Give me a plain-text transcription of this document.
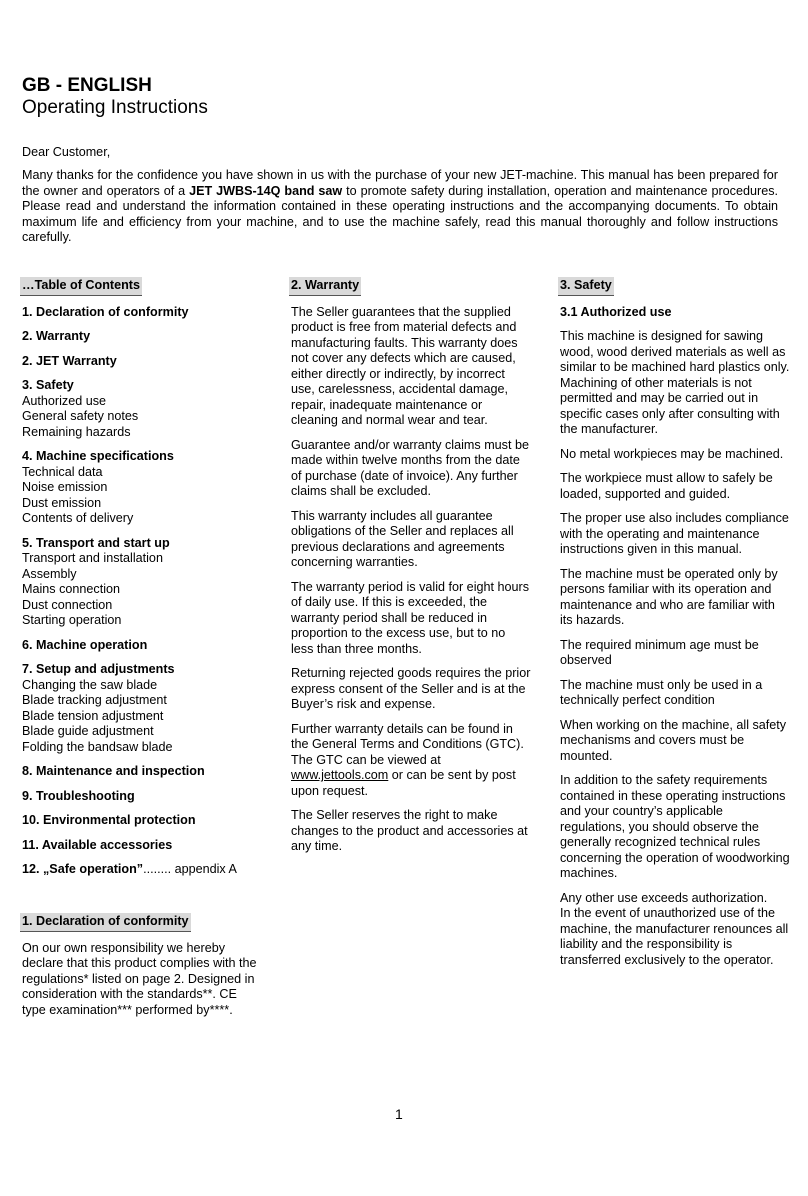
GB - ENGLISH
Operating Instructions

Dear Customer,

Many thanks for the confidence you have shown in us with the purchase of your new JET-machine. This manual has been prepared for the owner and operators of a JET JWBS-14Q band saw to promote safety during installation, operation and maintenance procedures. Please read and understand the information contained in these operating instructions and the accompanying documents. To obtain maximum life and efficiency from your machine, and to use the machine safely, read this manual thoroughly and follow instructions carefully.

…Table of Contents
1. Declaration of conformity
2. Warranty
2. JET Warranty
3. Safety
Authorized use
General safety notes
Remaining hazards
4. Machine specifications
Technical data
Noise emission
Dust emission
Contents of delivery
5. Transport and start up
Transport and installation
Assembly
Mains connection
Dust connection
Starting operation
6. Machine operation
7. Setup and adjustments
Changing the saw blade
Blade tracking adjustment
Blade tension adjustment
Blade guide adjustment
Folding the bandsaw blade
8. Maintenance and inspection
9. Troubleshooting
10. Environmental protection
11. Available accessories
12. „Safe operation”........ appendix A
1. Declaration of conformity

On our own responsibility we hereby declare that this product complies with the regulations* listed on page 2. Designed in consideration with the standards**. CE type examination*** performed by****.

2. Warranty

The Seller guarantees that the supplied product is free from material defects and manufacturing faults. This warranty does not cover any defects which are caused, either directly or indirectly, by incorrect use, carelessness, accidental damage, repair, inadequate maintenance or cleaning and normal wear and tear.

Guarantee and/or warranty claims must be made within twelve months from the date of purchase (date of invoice). Any further claims shall be excluded.

This warranty includes all guarantee obligations of the Seller and replaces all previous declarations and agreements concerning warranties.

The warranty period is valid for eight hours of daily use. If this is exceeded, the warranty period shall be reduced in proportion to the excess use, but to no less than three months.

Returning rejected goods requires the prior express consent of the Seller and is at the Buyer’s risk and expense.

Further warranty details can be found in the General Terms and Conditions (GTC). The GTC can be viewed at www.jettools.com or can be sent by post upon request.

The Seller reserves the right to make changes to the product and accessories at any time.

3. Safety
3.1 Authorized use

This machine is designed for sawing wood, wood derived materials as well as similar to be machined hard plastics only.
Machining of other materials is not permitted and may be carried out in specific cases only after consulting with the manufacturer.

No metal workpieces may be machined.

The workpiece must allow to safely be loaded, supported and guided.

The proper use also includes compliance with the operating and maintenance instructions given in this manual.

The machine must be operated only by persons familiar with its operation and maintenance and who are familiar with its hazards.

The required minimum age must be observed

The machine must only be used in a technically perfect condition

When working on the machine, all safety mechanisms and covers must be mounted.

In addition to the safety requirements contained in these operating instructions and your country’s applicable regulations, you should observe the generally recognized technical rules concerning the operation of woodworking machines.

Any other use exceeds authorization.
In the event of unauthorized use of the machine, the manufacturer renounces all liability and the responsibility is transferred exclusively to the operator.

1
